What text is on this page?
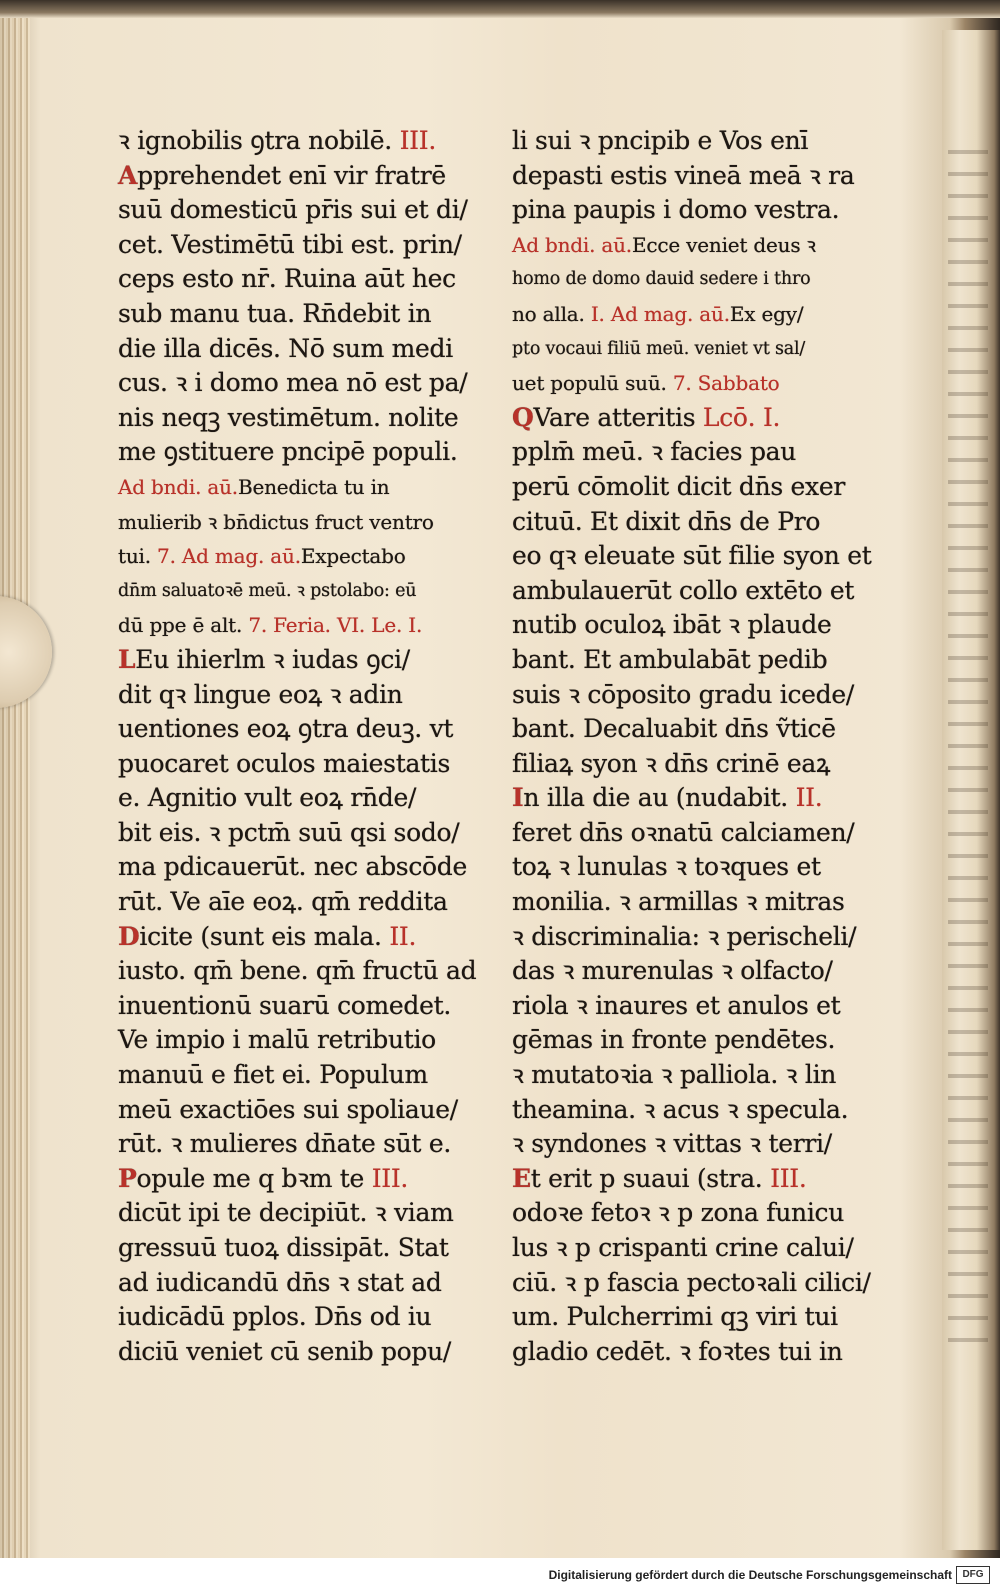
ꝛ ignobilis ꝯtra nobilē. III.
Apprehendet enī vir fratrē
suū domesticū pr̄is sui et di/
cet. Vestimētū tibi est. prin/
ceps esto nr̄. Ruina aūt hec
sub manu tua. Rn̄debit in
die illa dicēs. Nō sum medi
cus. ꝛ i domo mea nō est pa/
nis neqꝫ vestimētum. nolite
me ꝯstituere pncipē populi.
Ad bndi. aū.Benedicta tu in
mulierib ꝛ bn̄dictus fruct ventro
tui. 7. Ad mag. aū.Expectabo
dn̄m saluatoꝛē meū. ꝛ pstolabo: eū
dū ppe ē alt. 7. Feria. VI. Le. I.
LEu ihierlm ꝛ iudas ꝯci/
dit qꝛ lingue eoꝝ ꝛ adin
uentiones eoꝝ ꝯtra deuꝫ. vt
puocaret oculos maiestatis
e. Agnitio vult eoꝝ rn̄de/
bit eis. ꝛ pctm̄ suū qsi sodo/
ma pdicauerūt. nec abscōde
rūt. Ve aīe eoꝝ. qm̄ reddita
Dicite (sunt eis mala. II.
iusto. qm̄ bene. qm̄ fructū ad
inuentionū suarū comedet.
Ve impio i malū retributio
manuū e fiet ei. Populum
meū exactiōes sui spoliaue/
rūt. ꝛ mulieres dn̄ate sūt e.
Popule me q bꝛm te III.
dicūt ipi te decipiūt. ꝛ viam
gressuū tuoꝝ dissipāt. Stat
ad iudicandū dn̄s ꝛ stat ad
iudicādū pplos. Dn̄s od iu
diciū veniet cū senib popu/
li sui ꝛ pncipib e Vos enī
depasti estis vineā meā ꝛ ra
pina paupis i domo vestra.
Ad bndi. aū.Ecce veniet deus ꝛ
homo de domo dauid sedere i thro
no alla. I. Ad mag. aū.Ex egy/
pto vocaui filiū meū. veniet vt sal/
uet populū suū. 7. Sabbato
QVare atteritis Lcō. I.
pplm̄ meū. ꝛ facies pau
perū cōmolit dicit dn̄s exer
cituū. Et dixit dn̄s de Pro
eo qꝛ eleuate sūt filie syon et
ambulauerūt collo extēto et
nutib oculoꝝ ibāt ꝛ plaude
bant. Et ambulabāt pedib
suis ꝛ cōposito gradu icede/
bant. Decaluabit dn̄s ṽticē
filiaꝝ syon ꝛ dn̄s crinē eaꝝ
In illa die au (nudabit. II.
feret dn̄s oꝛnatū calciamen/
toꝝ ꝛ lunulas ꝛ toꝛques et
monilia. ꝛ armillas ꝛ mitras
ꝛ discriminalia: ꝛ perischeli/
das ꝛ murenulas ꝛ olfacto/
riola ꝛ inaures et anulos et
gēmas in fronte pendētes.
ꝛ mutatoꝛia ꝛ palliola. ꝛ lin
theamina. ꝛ acus ꝛ specula.
ꝛ syndones ꝛ vittas ꝛ terri/
Et erit p suaui (stra. III.
odoꝛe fetoꝛ ꝛ p zona funicu
lus ꝛ p crispanti crine calui/
ciū. ꝛ p fascia pectoꝛali cilici/
um. Pulcherrimi qꝫ viri tui
gladio cedēt. ꝛ foꝛtes tui in
Digitalisierung gefördert durch die Deutsche Forschungsgemeinschaft	DFG
